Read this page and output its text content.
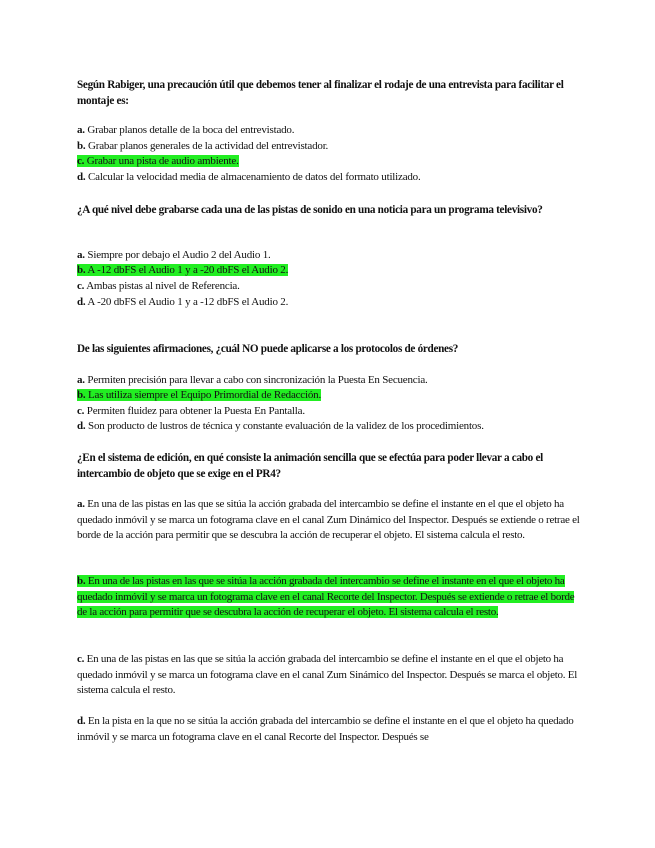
Según Rabiger, una precaución útil que debemos tener al finalizar el rodaje de una entrevista para facilitar el montaje es:
a. Grabar planos detalle de la boca del entrevistado.
b. Grabar planos generales de la actividad del entrevistador.
c. Grabar una pista de audio ambiente.
d. Calcular la velocidad media de almacenamiento de datos del formato utilizado.
¿A qué nivel debe grabarse cada una de las pistas de sonido en una noticia para un programa televisivo?
a. Siempre por debajo el Audio 2 del Audio 1.
b. A -12 dbFS el Audio 1 y a -20 dbFS el Audio 2.
c. Ambas pistas al nivel de Referencia.
d. A -20 dbFS el Audio 1 y a -12 dbFS el Audio 2.
De las siguientes afirmaciones, ¿cuál NO puede aplicarse a los protocolos de órdenes?
a. Permiten precisión para llevar a cabo con sincronización la Puesta En Secuencia.
b. Las utiliza siempre el Equipo Primordial de Redacción.
c. Permiten fluidez para obtener la Puesta En Pantalla.
d. Son producto de lustros de técnica y constante evaluación de la validez de los procedimientos.
¿En el sistema de edición, en qué consiste la animación sencilla que se efectúa para poder llevar a cabo el intercambio de objeto que se exige en el PR4?
a. En una de las pistas en las que se sitúa la acción grabada del intercambio se define el instante en el que el objeto ha quedado inmóvil y se marca un fotograma clave en el canal Zum Dinámico del Inspector. Después se extiende o retrae el borde de la acción para permitir que se descubra la acción de recuperar el objeto. El sistema calcula el resto.
b. En una de las pistas en las que se sitúa la acción grabada del intercambio se define el instante en el que el objeto ha quedado inmóvil y se marca un fotograma clave en el canal Recorte del Inspector. Después se extiende o retrae el borde de la acción para permitir que se descubra la acción de recuperar el objeto. El sistema calcula el resto.
c. En una de las pistas en las que se sitúa la acción grabada del intercambio se define el instante en el que el objeto ha quedado inmóvil y se marca un fotograma clave en el canal Zum Sinámico del Inspector. Después se marca el objeto. El sistema calcula el resto.
d. En la pista en la que no se sitúa la acción grabada del intercambio se define el instante en el que el objeto ha quedado inmóvil y se marca un fotograma clave en el canal Recorte del Inspector. Después se
